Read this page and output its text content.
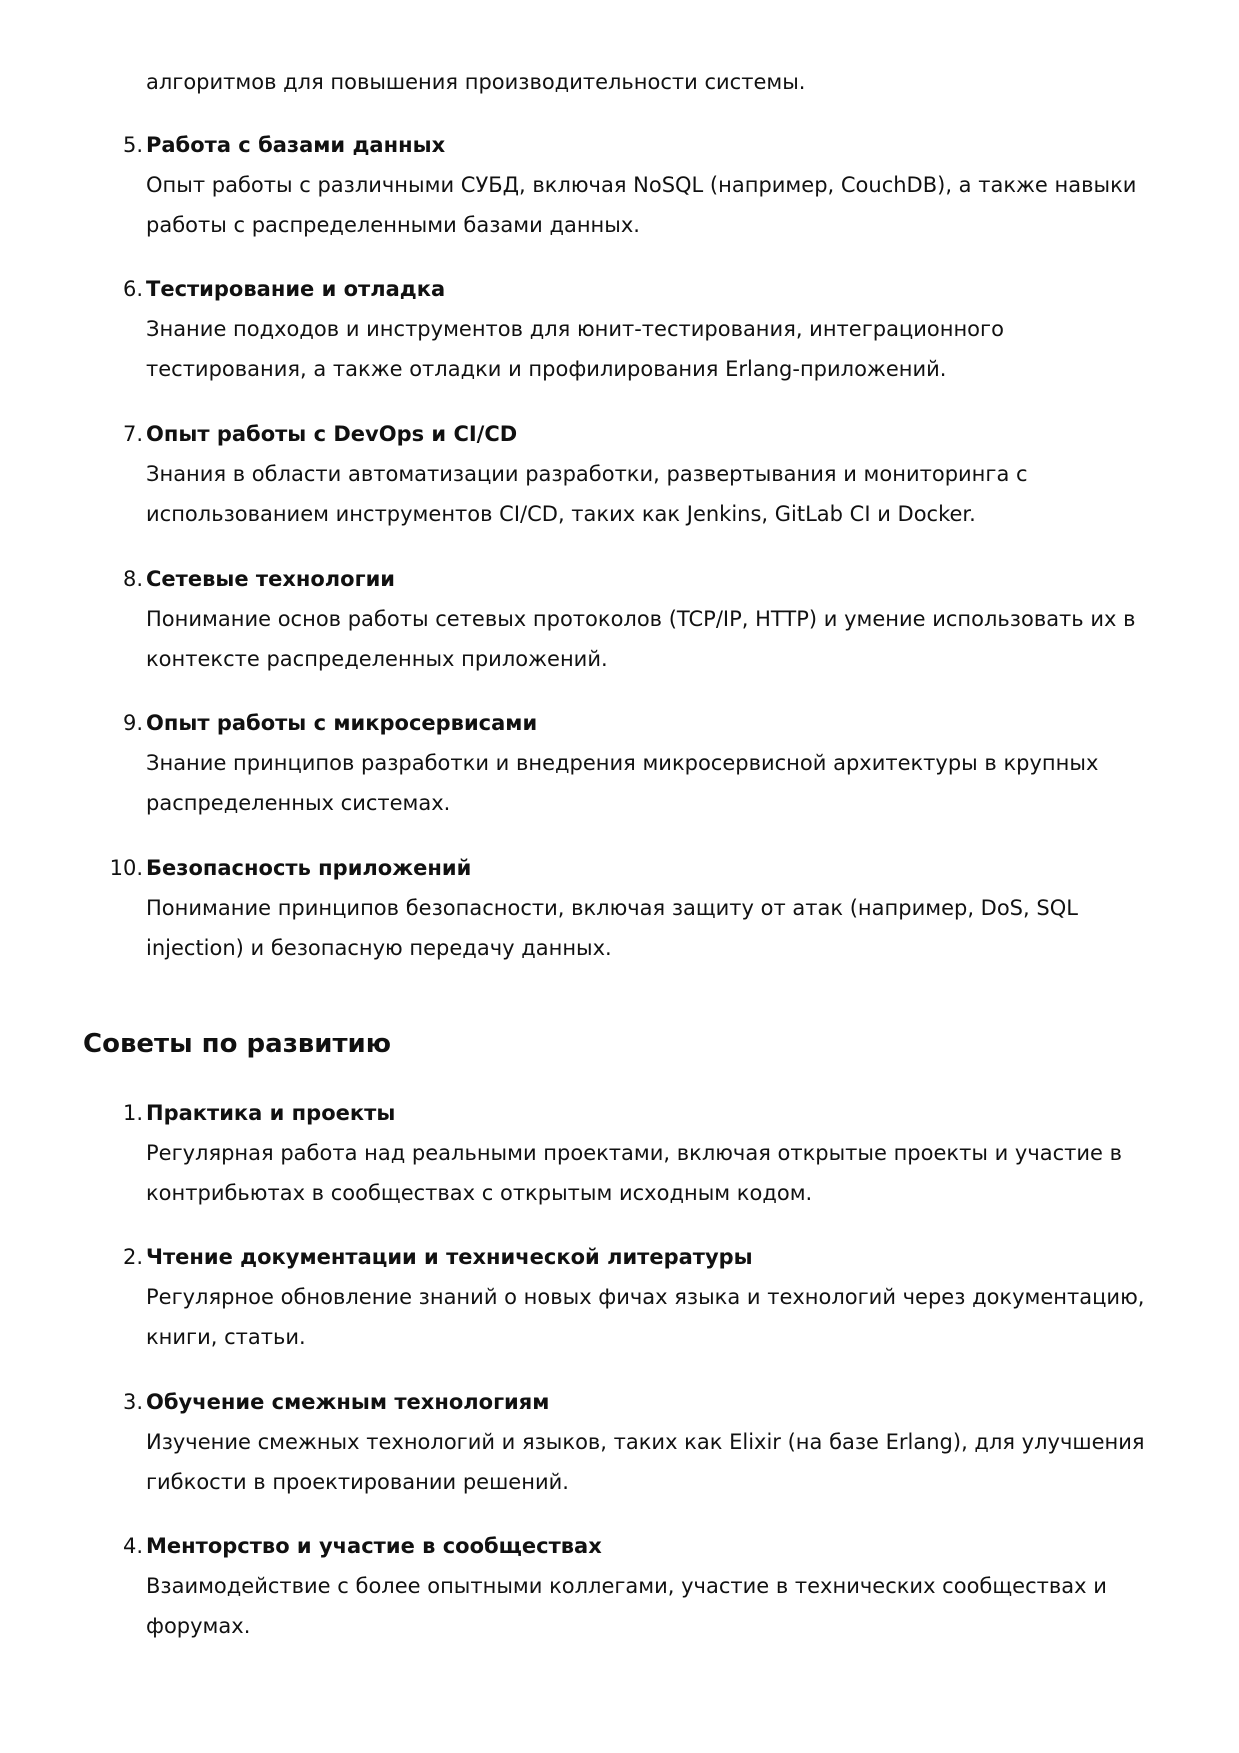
алгоритмов для повышения производительности системы.

5. Работа с базами данных

Опыт работы с различными СУБД, включая NoSQL (например, CouchDB), а также навыки работы с распределенными базами данных.

6. Тестирование и отладка

Знание подходов и инструментов для юнит-тестирования, интеграционного тестирования, а также отладки и профилирования Erlang-приложений.

7. Опыт работы с DevOps и CI/CD

Знания в области автоматизации разработки, развертывания и мониторинга с использованием инструментов CI/CD, таких как Jenkins, GitLab CI и Docker.

8. Сетевые технологии

Понимание основ работы сетевых протоколов (TCP/IP, HTTP) и умение использовать их в контексте распределенных приложений.

9. Опыт работы с микросервисами

Знание принципов разработки и внедрения микросервисной архитектуры в крупных распределенных системах.

10. Безопасность приложений

Понимание принципов безопасности, включая защиту от атак (например, DoS, SQL injection) и безопасную передачу данных.

Советы по развитию
1. Практика и проекты

Регулярная работа над реальными проектами, включая открытые проекты и участие в контрибьютах в сообществах с открытым исходным кодом.

2. Чтение документации и технической литературы

Регулярное обновление знаний о новых фичах языка и технологий через документацию, книги, статьи.

3. Обучение смежным технологиям

Изучение смежных технологий и языков, таких как Elixir (на базе Erlang), для улучшения гибкости в проектировании решений.

4. Менторство и участие в сообществах

Взаимодействие с более опытными коллегами, участие в технических сообществах и форумах.
